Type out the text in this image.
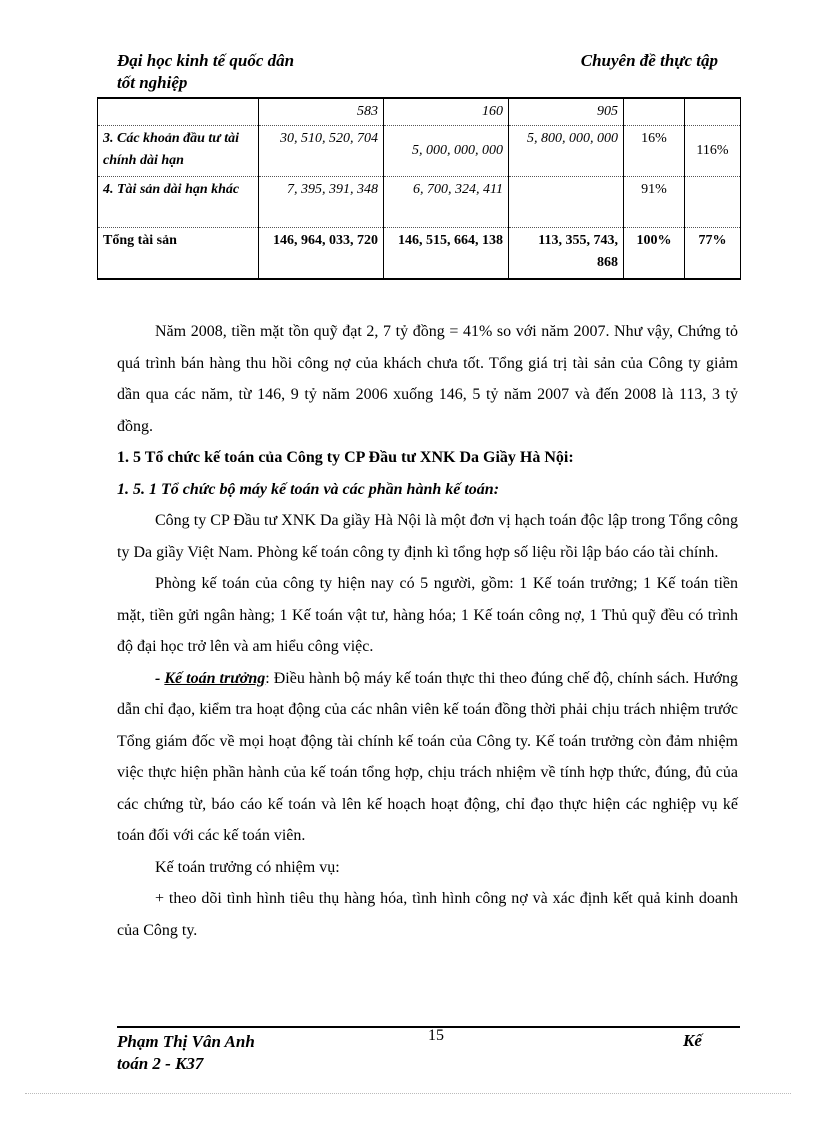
Đại học kinh tế quốc dân
tốt nghiệp
Chuyên đề thực tập
	583	160	905		
3. Các khoản đầu tư tài chính dài hạn	30, 510, 520, 704	5, 000, 000, 000	5, 800, 000, 000	16%	116%
4. Tài sản dài hạn khác	7, 395, 391, 348	6, 700, 324, 411		91%	
Tổng tài sản	146, 964, 033, 720	146, 515, 664, 138	113, 355, 743, 868	100%	77%

Năm 2008, tiền mặt tồn quỹ đạt 2, 7 tỷ đồng = 41% so với năm 2007. Như vậy, Chứng tỏ quá trình bán hàng thu hồi công nợ của khách chưa tốt. Tổng giá trị tài sản của Công ty giảm dần qua các năm, từ 146, 9 tỷ năm 2006 xuống 146, 5 tỷ năm 2007 và đến 2008 là 113, 3 tỷ đồng.

1. 5 Tổ chức kế toán của Công ty CP Đầu tư XNK Da Giầy Hà Nội:

1. 5. 1 Tổ chức bộ máy kế toán và các phần hành kế toán:

Công ty CP Đầu tư XNK Da giầy Hà Nội là một đơn vị hạch toán độc lập trong Tổng công ty Da giầy Việt Nam. Phòng kế toán công ty định kì tổng hợp số liệu rồi lập báo cáo tài chính.

Phòng kế toán của công ty hiện nay có 5 người, gồm: 1 Kế toán trưởng; 1 Kế toán tiền mặt, tiền gửi ngân hàng; 1 Kế toán vật tư, hàng hóa; 1 Kế toán công nợ, 1 Thủ quỹ đều có trình độ đại học trở lên và am hiểu công việc.

- Kế toán trưởng: Điều hành bộ máy kế toán thực thi theo đúng chế độ, chính sách. Hướng dẫn chỉ đạo, kiểm tra hoạt động của các nhân viên kế toán đồng thời phải chịu trách nhiệm trước Tổng giám đốc về mọi hoạt động tài chính kế toán của Công ty. Kế toán trưởng còn đảm nhiệm việc thực hiện phần hành của kế toán tổng hợp, chịu trách nhiệm về tính hợp thức, đúng, đủ của các chứng từ, báo cáo kế toán và lên kế hoạch hoạt động, chỉ đạo thực hiện các nghiệp vụ kế toán đối với các kế toán viên.

Kế toán trưởng có nhiệm vụ:

+ theo dõi tình hình tiêu thụ hàng hóa, tình hình công nợ và xác định kết quả kinh doanh của Công ty.

Phạm Thị Vân Anh
toán 2 - K37
15	Kế
